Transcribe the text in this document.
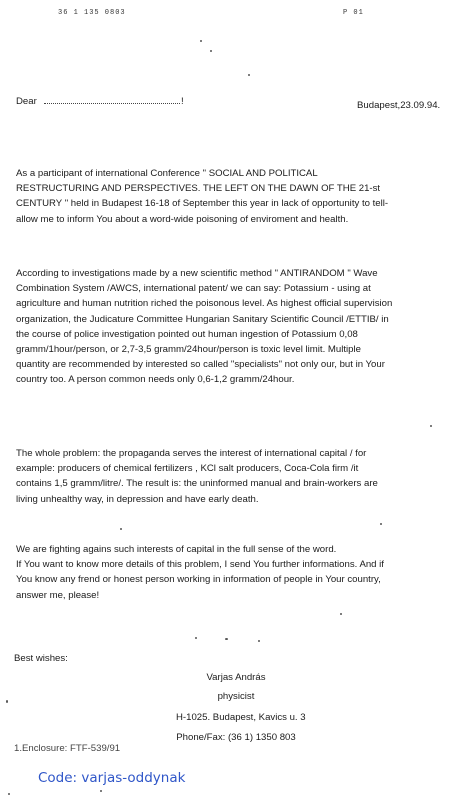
36 1 135 0803	P 01
Dear	!	Budapest,23.09.94.
As a participant of international Conference " SOCIAL AND POLITICAL
RESTRUCTURING AND PERSPECTIVES. THE LEFT ON THE DAWN OF THE 21-st
CENTURY " held in Budapest 16-18 of September this year in lack of opportunity to tell-
allow me to inform You about a word-wide poisoning of enviroment and health.
According to investigations made by a new scientific method " ANTIRANDOM " Wave
Combination System /AWCS, international patent/ we can say: Potassium - using at
agriculture and human nutrition riched the poisonous level. As highest official supervision
organization, the Judicature Committee Hungarian Sanitary Scientific Council /ETTIB/ in
the course of police investigation pointed out human ingestion of Potassium 0,08
gramm/1hour/person, or 2,7-3,5 gramm/24hour/person is toxic level limit. Multiple
quantity are recommended by interested so called "specialists" not only our, but in Your
country too. A person common needs only 0,6-1,2 gramm/24hour.
The whole problem: the propaganda serves the interest of international capital / for
example: producers of chemical fertilizers , KCl salt producers, Coca-Cola firm /it
contains 1,5 gramm/litre/. The result is: the uninformed manual and brain-workers are
living unhealthy way, in depression and have early death.
We are fighting agains such interests of capital in the full sense of the word.
If You want to know more details of this problem, I send You further informations. And if
You know any frend or honest person working in information of people in Your country,
answer me, please!
Best wishes:
Varjas András
physicist
H-1025. Budapest, Kavics u. 3
Phone/Fax: (36 1) 1350 803
1.Enclosure: FTF-539/91
Code: varjas-oddynak
